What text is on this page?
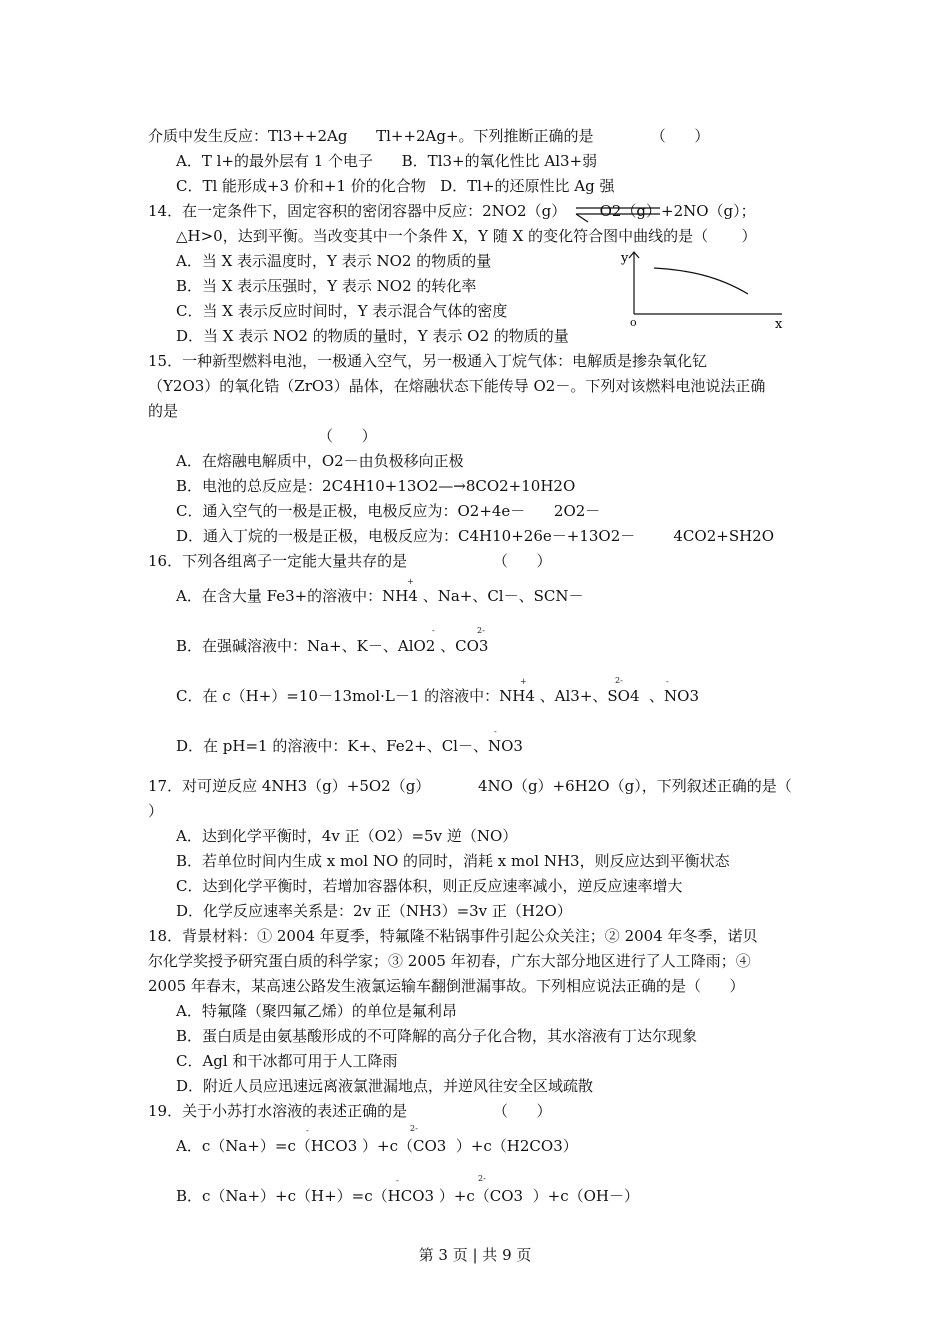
介质中发生反应：Tl3++2Ag      Tl++2Ag+。下列推断正确的是            （      ）
A．T l+的最外层有 1 个电子      B．Tl3+的氧化性比 Al3+弱
C．Tl 能形成+3 价和+1 价的化合物   D．Tl+的还原性比 Ag 强
14．在一定条件下，固定容积的密闭容器中反应：2NO2（g）       O2（g）+2NO（g）；
△H>0，达到平衡。当改变其中一个条件 X，Y 随 X 的变化符合图中曲线的是（       ）
A．当 X 表示温度时，Y 表示 NO2 的物质的量
B．当 X 表示压强时，Y 表示 NO2 的转化率
C．当 X 表示反应时间时，Y 表示混合气体的密度
D．当 X 表示 NO2 的物质的量时，Y 表示 O2 的物质的量
y
x
o
15．一种新型燃料电池，一极通入空气，另一极通入丁烷气体：电解质是掺杂氧化钇
（Y2O3）的氧化锆（ZrO3）晶体，在熔融状态下能传导 O2－。下列对该燃料电池说法正确
的是
（      ）
A．在熔融电解质中，O2－由负极移向正极
B．电池的总反应是：2C4H10+13O2—→8CO2+10H2O
C．通入空气的一极是正极，电极反应为：O2+4e－      2O2－
D．通入丁烷的一极是正极，电极反应为：C4H10+26e－+13O2－        4CO2+SH2O
16．下列各组离子一定能大量共存的是                  （      ）
A．在含大量 Fe3+的溶液中：NH4 、Na+、Cl－、SCN－
+
B．在强碱溶液中：Na+、K－、AlO2 、CO3
-	2-
C．在 c（H+）=10－13mol·L－1 的溶液中：NH4 、Al3+、SO4  、NO3
+	2-	-
D．在 pH=1 的溶液中：K+、Fe2+、Cl－、NO3
-
17．对可逆反应 4NH3（g）+5O2（g）          4NO（g）+6H2O（g），下列叙述正确的是（
）
A．达到化学平衡时，4v 正（O2）=5v 逆（NO）
B．若单位时间内生成 x mol NO 的同时，消耗 x mol NH3，则反应达到平衡状态
C．达到化学平衡时，若增加容器体积，则正反应速率减小，逆反应速率增大
D．化学反应速率关系是：2v 正（NH3）=3v 正（H2O）
18．背景材料：① 2004 年夏季，特氟隆不粘锅事件引起公众关注；② 2004 年冬季，诺贝
尔化学奖授予研究蛋白质的科学家；③ 2005 年初春，广东大部分地区进行了人工降雨；④
2005 年春末，某高速公路发生液氯运输车翻倒泄漏事故。下列相应说法正确的是（      ）
A．特氟隆（聚四氟乙烯）的单位是氟利昂
B．蛋白质是由氨基酸形成的不可降解的高分子化合物，其水溶液有丁达尔现象
C．Agl 和干冰都可用于人工降雨
D．附近人员应迅速远离液氯泄漏地点，并逆风往安全区域疏散
19．关于小苏打水溶液的表述正确的是                  （      ）
A．c（Na+）=c（HCO3 ）+c（CO3  ）+c（H2CO3）
-	2-
B．c（Na+）+c（H+）=c（HCO3 ）+c（CO3  ）+c（OH－）
-	2-
第 3 页 | 共 9 页
